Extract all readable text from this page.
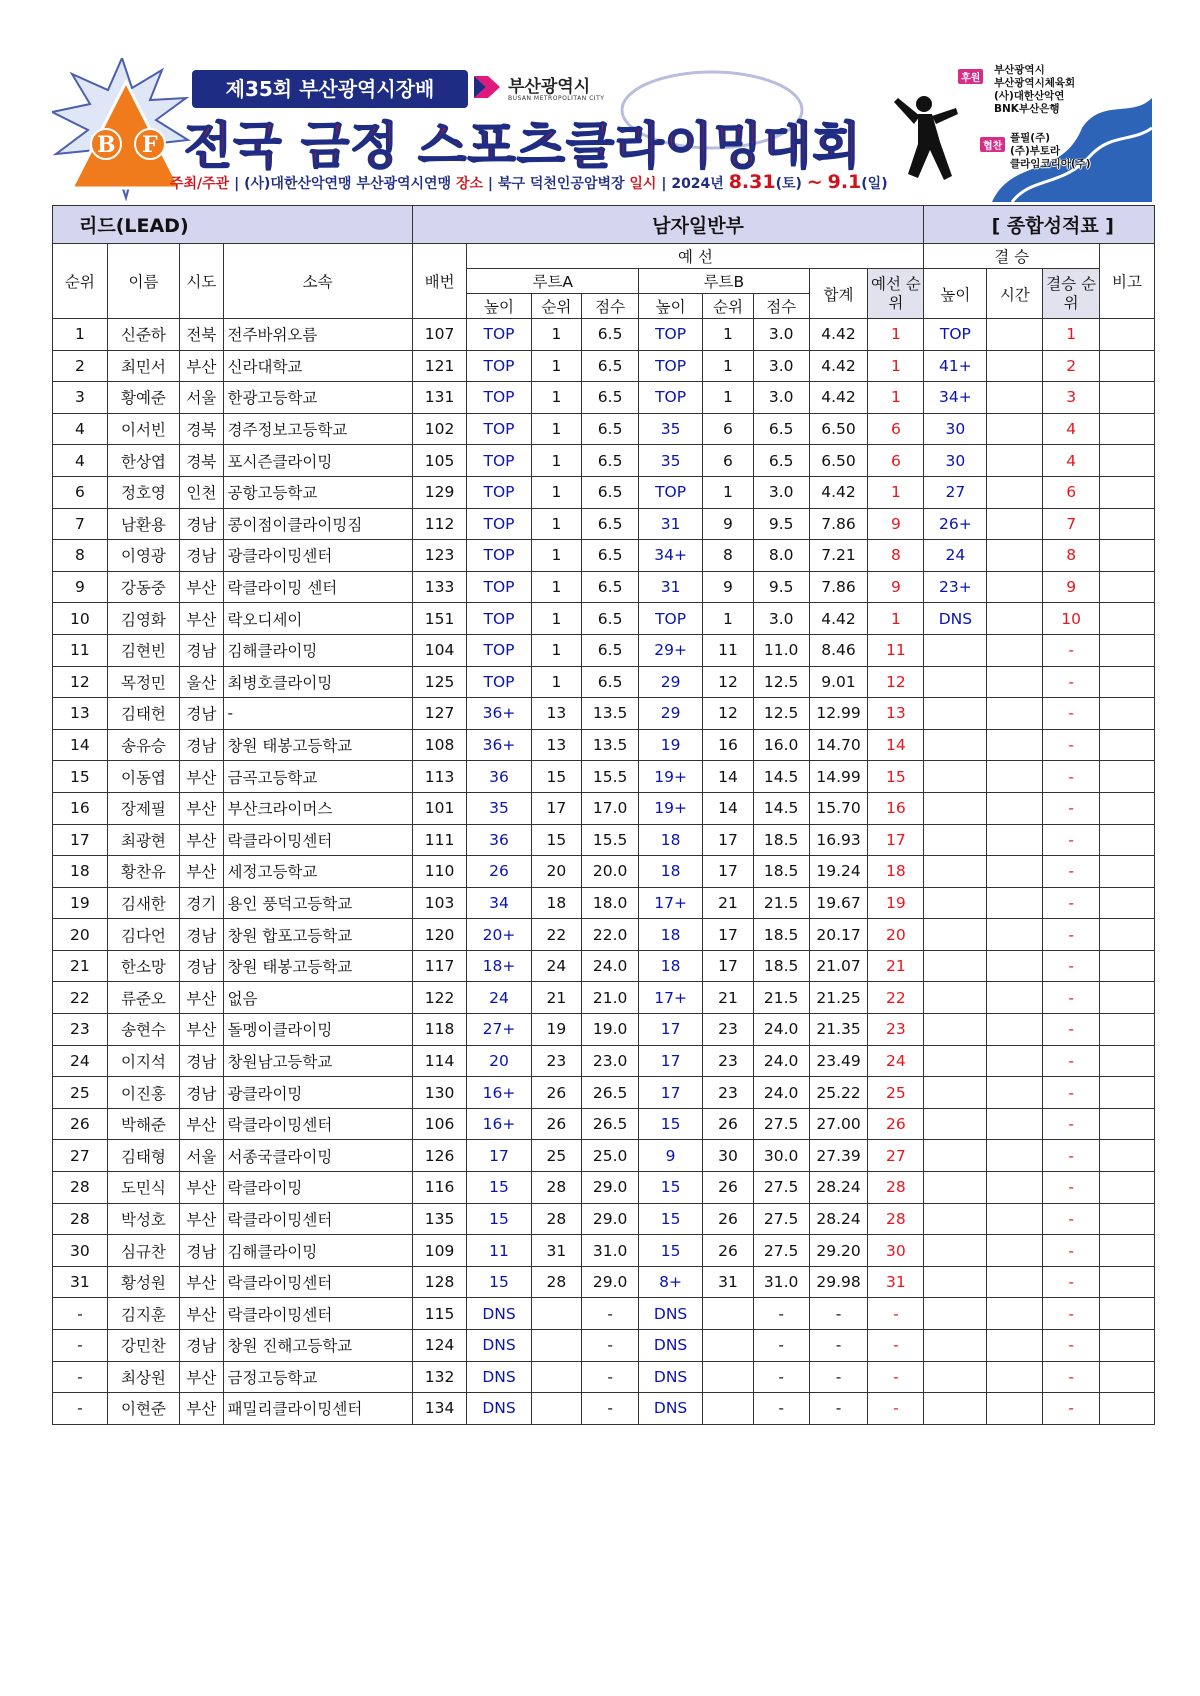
B F
제35회 부산광역시장배	부산광역시
BUSAN METROPOLITAN CITY
전국 금정 스포츠클라이밍대회
주최/주관 | (사)대한산악연맹 부산광역시연맹 장소 | 북구 덕천인공암벽장 일시 | 2024년 8.31(토) ~ 9.1(일)
후원
부산광역시
부산광역시체육회
(사)대한산악연
BNK부산은행
협찬
플필(주)
(주)부토라
클라임코리아(주)
리드(LEAD)				남자일반부									[ 종합성적표 ]			
순위	이름	시도	소속	배번	예 선								결 승			비고
					루트A			루트B			합계	예선 순위	높이	시간	결승 순위	
					높이	순위	점수	높이	순위	점수						
1	신준하	전북	전주바위오름	107	TOP	1	6.5	TOP	1	3.0	4.42	1	TOP		1	
2	최민서	부산	신라대학교	121	TOP	1	6.5	TOP	1	3.0	4.42	1	41+		2	
3	황예준	서울	한광고등학교	131	TOP	1	6.5	TOP	1	3.0	4.42	1	34+		3	
4	이서빈	경북	경주정보고등학교	102	TOP	1	6.5	35	6	6.5	6.50	6	30		4	
4	한상엽	경북	포시즌클라이밍	105	TOP	1	6.5	35	6	6.5	6.50	6	30		4	
6	정호영	인천	공항고등학교	129	TOP	1	6.5	TOP	1	3.0	4.42	1	27		6	
7	남환용	경남	콩이점이클라이밍짐	112	TOP	1	6.5	31	9	9.5	7.86	9	26+		7	
8	이영광	경남	광클라이밍센터	123	TOP	1	6.5	34+	8	8.0	7.21	8	24		8	
9	강동중	부산	락클라이밍 센터	133	TOP	1	6.5	31	9	9.5	7.86	9	23+		9	
10	김영화	부산	락오디세이	151	TOP	1	6.5	TOP	1	3.0	4.42	1	DNS		10	
11	김현빈	경남	김해클라이밍	104	TOP	1	6.5	29+	11	11.0	8.46	11			-	
12	목정민	울산	최병호클라이밍	125	TOP	1	6.5	29	12	12.5	9.01	12			-	
13	김태헌	경남	-	127	36+	13	13.5	29	12	12.5	12.99	13			-	
14	송유승	경남	창원 태봉고등학교	108	36+	13	13.5	19	16	16.0	14.70	14			-	
15	이동엽	부산	금곡고등학교	113	36	15	15.5	19+	14	14.5	14.99	15			-	
16	장제필	부산	부산크라이머스	101	35	17	17.0	19+	14	14.5	15.70	16			-	
17	최광현	부산	락클라이밍센터	111	36	15	15.5	18	17	18.5	16.93	17			-	
18	황찬유	부산	세정고등학교	110	26	20	20.0	18	17	18.5	19.24	18			-	
19	김새한	경기	용인 풍덕고등학교	103	34	18	18.0	17+	21	21.5	19.67	19			-	
20	김다언	경남	창원 합포고등학교	120	20+	22	22.0	18	17	18.5	20.17	20			-	
21	한소망	경남	창원 태봉고등학교	117	18+	24	24.0	18	17	18.5	21.07	21			-	
22	류준오	부산	없음	122	24	21	21.0	17+	21	21.5	21.25	22			-	
23	송현수	부산	돌멩이클라이밍	118	27+	19	19.0	17	23	24.0	21.35	23			-	
24	이지석	경남	창원남고등학교	114	20	23	23.0	17	23	24.0	23.49	24			-	
25	이진홍	경남	광클라이밍	130	16+	26	26.5	17	23	24.0	25.22	25			-	
26	박해준	부산	락클라이밍센터	106	16+	26	26.5	15	26	27.5	27.00	26			-	
27	김태형	서울	서종국클라이밍	126	17	25	25.0	9	30	30.0	27.39	27			-	
28	도민식	부산	락클라이밍	116	15	28	29.0	15	26	27.5	28.24	28			-	
28	박성호	부산	락클라이밍센터	135	15	28	29.0	15	26	27.5	28.24	28			-	
30	심규찬	경남	김해클라이밍	109	11	31	31.0	15	26	27.5	29.20	30			-	
31	황성원	부산	락클라이밍센터	128	15	28	29.0	8+	31	31.0	29.98	31			-	
-	김지훈	부산	락클라이밍센터	115	DNS		-	DNS		-	-	-			-	
-	강민찬	경남	창원 진해고등학교	124	DNS		-	DNS		-	-	-			-	
-	최상원	부산	금정고등학교	132	DNS		-	DNS		-	-	-			-	
-	이현준	부산	패밀리클라이밍센터	134	DNS		-	DNS		-	-	-			-	
